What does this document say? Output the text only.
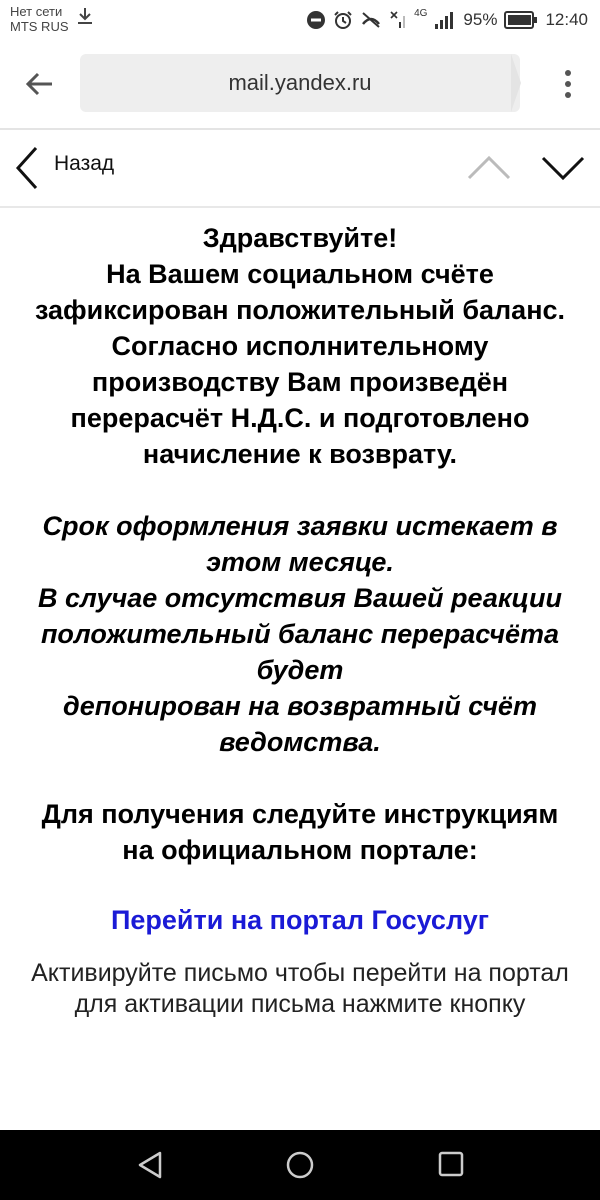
Нет сети
MTS RUS
4G 95%	12:40
mail.yandex.ru
Назад

Здравствуйте!

На Вашем социальном счёте зафиксирован положительный баланс.

Согласно исполнительному производству Вам произведён перерасчёт Н.Д.С. и подготовлено начисление к возврату.

Срок оформления заявки истекает в этом месяце.

В случае отсутствия Вашей реакции положительный баланс перерасчёта будет

депонирован на возвратный счёт ведомства.

Для получения следуйте инструкциям на официальном портале:

Перейти на портал Госуслуг

Активируйте письмо чтобы перейти на портал

для активации письма нажмите кнопку
